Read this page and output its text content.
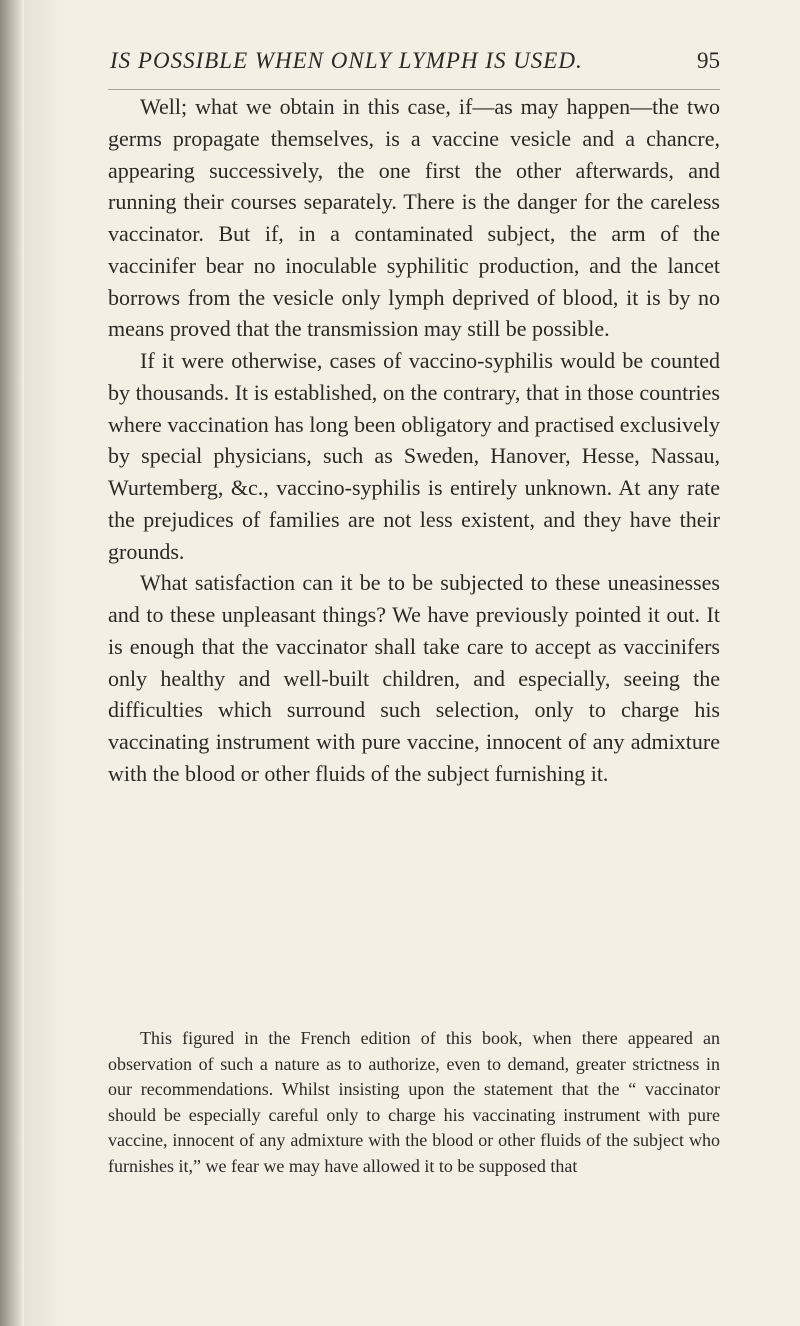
IS POSSIBLE WHEN ONLY LYMPH IS USED.	95

Well; what we obtain in this case, if—as may happen—the two germs propagate themselves, is a vaccine vesicle and a chancre, appearing successively, the one first the other afterwards, and running their courses separately. There is the danger for the careless vaccinator. But if, in a contaminated subject, the arm of the vaccinifer bear no inoculable syphilitic production, and the lancet borrows from the vesicle only lymph deprived of blood, it is by no means proved that the transmission may still be possible.

If it were otherwise, cases of vaccino-syphilis would be counted by thousands. It is established, on the contrary, that in those countries where vaccination has long been obligatory and practised exclusively by special physicians, such as Sweden, Hanover, Hesse, Nassau, Wurtemberg, &c., vaccino-syphilis is entirely unknown. At any rate the prejudices of families are not less existent, and they have their grounds.

What satisfaction can it be to be subjected to these uneasinesses and to these unpleasant things? We have previously pointed it out. It is enough that the vaccinator shall take care to accept as vaccinifers only healthy and well-built children, and especially, seeing the difficulties which surround such selection, only to charge his vaccinating instrument with pure vaccine, innocent of any admixture with the blood or other fluids of the subject furnishing it.

This figured in the French edition of this book, when there appeared an observation of such a nature as to authorize, even to demand, greater strictness in our recommendations. Whilst insisting upon the statement that the “ vaccinator should be especially careful only to charge his vaccinating instrument with pure vaccine, innocent of any admixture with the blood or other fluids of the subject who furnishes it,” we fear we may have allowed it to be supposed that
